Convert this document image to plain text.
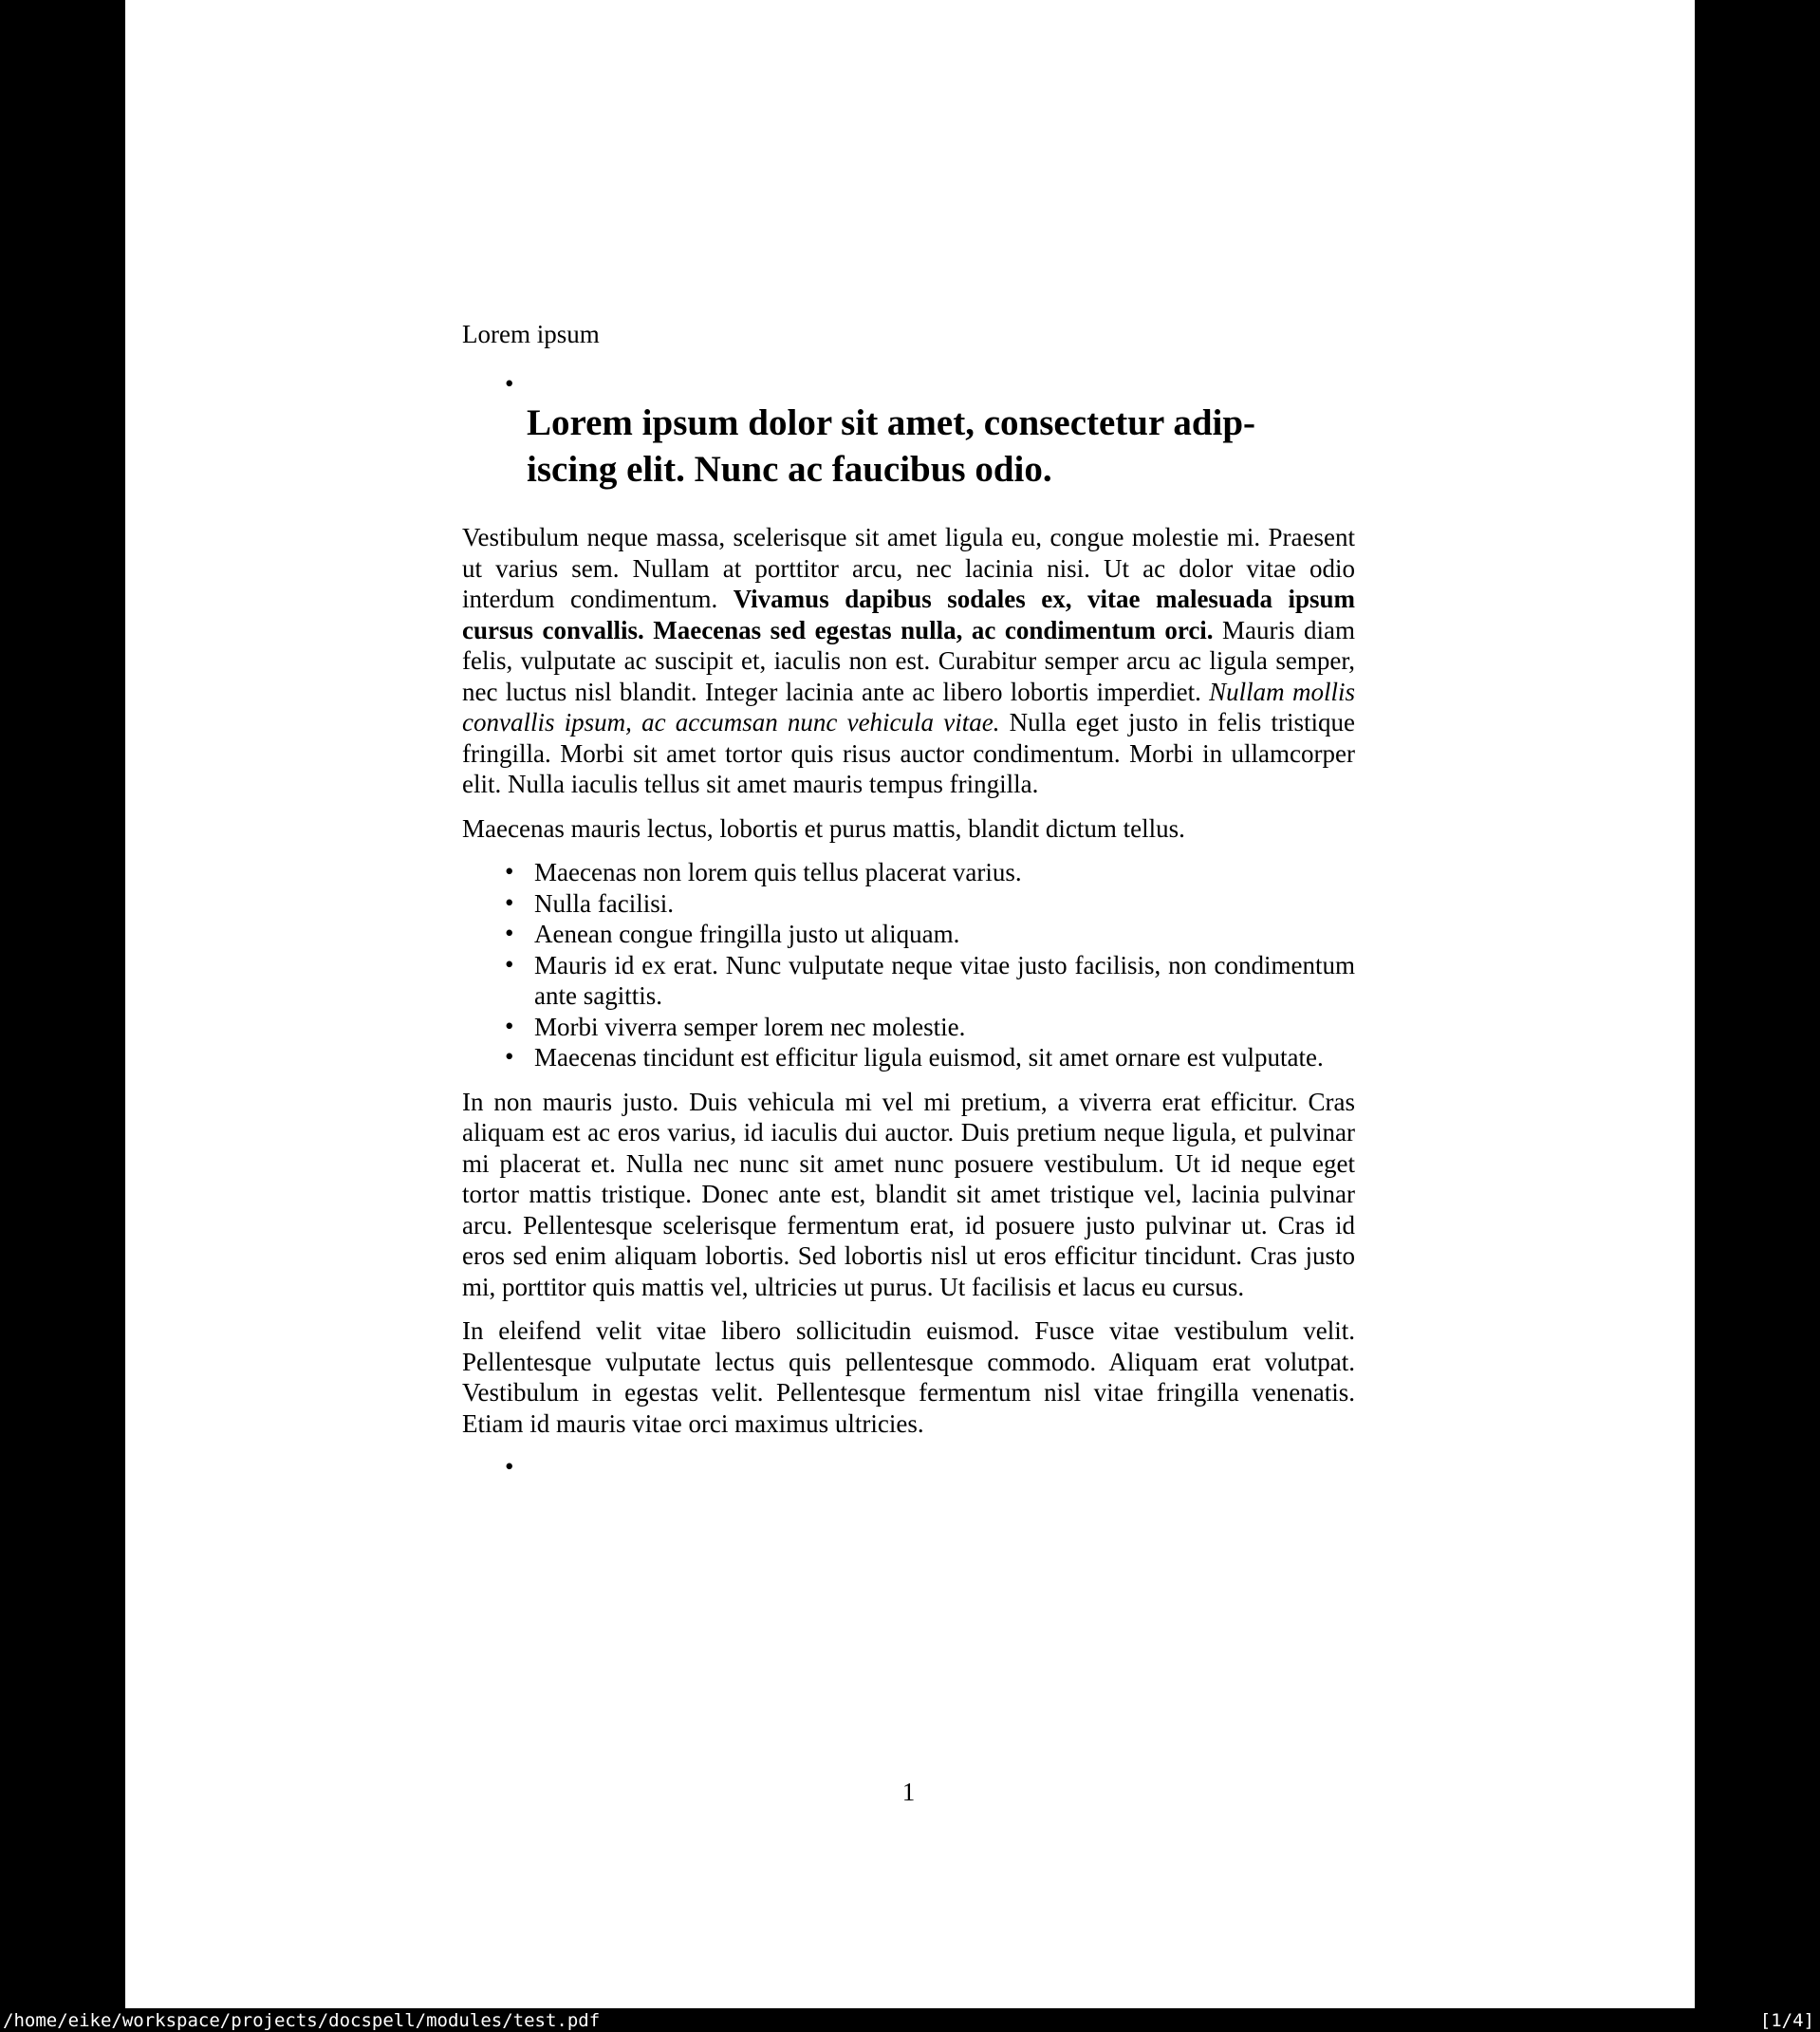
Lorem ipsum
•
Lorem ipsum dolor sit amet, consectetur adip-
iscing elit. Nunc ac faucibus odio.
Vestibulum neque massa, scelerisque sit amet ligula eu, congue molestie mi. Praesent ut varius sem. Nullam at porttitor arcu, nec lacinia nisi. Ut ac dolor vitae odio interdum condimentum. Vivamus dapibus sodales ex, vitae malesuada ipsum cursus convallis. Maecenas sed egestas nulla, ac condimentum orci. Mauris diam felis, vulputate ac suscipit et, iaculis non est. Curabitur semper arcu ac ligula semper, nec luctus nisl blandit. Integer lacinia ante ac libero lobortis imperdiet. Nullam mollis convallis ipsum, ac accumsan nunc vehicula vitae. Nulla eget justo in felis tristique fringilla. Morbi sit amet tortor quis risus auctor condimentum. Morbi in ullamcorper elit. Nulla iaculis tellus sit amet mauris tempus fringilla.
Maecenas mauris lectus, lobortis et purus mattis, blandit dictum tellus.
• Maecenas non lorem quis tellus placerat varius.
• Nulla facilisi.
• Aenean congue fringilla justo ut aliquam.
• Mauris id ex erat. Nunc vulputate neque vitae justo facilisis, non condimentum ante sagittis.
• Morbi viverra semper lorem nec molestie.
• Maecenas tincidunt est efficitur ligula euismod, sit amet ornare est vulputate.
In non mauris justo. Duis vehicula mi vel mi pretium, a viverra erat efficitur. Cras aliquam est ac eros varius, id iaculis dui auctor. Duis pretium neque ligula, et pulvinar mi placerat et. Nulla nec nunc sit amet nunc posuere vestibulum. Ut id neque eget tortor mattis tristique. Donec ante est, blandit sit amet tristique vel, lacinia pulvinar arcu. Pellentesque scelerisque fermentum erat, id posuere justo pulvinar ut. Cras id eros sed enim aliquam lobortis. Sed lobortis nisl ut eros efficitur tincidunt. Cras justo mi, porttitor quis mattis vel, ultricies ut purus. Ut facilisis et lacus eu cursus.
In eleifend velit vitae libero sollicitudin euismod. Fusce vitae vestibulum velit. Pellentesque vulputate lectus quis pellentesque commodo. Aliquam erat volutpat. Vestibulum in egestas velit. Pellentesque fermentum nisl vitae fringilla venenatis. Etiam id mauris vitae orci maximus ultricies.
•
1
/home/eike/workspace/projects/docspell/modules/test.pdf	[1/4]
